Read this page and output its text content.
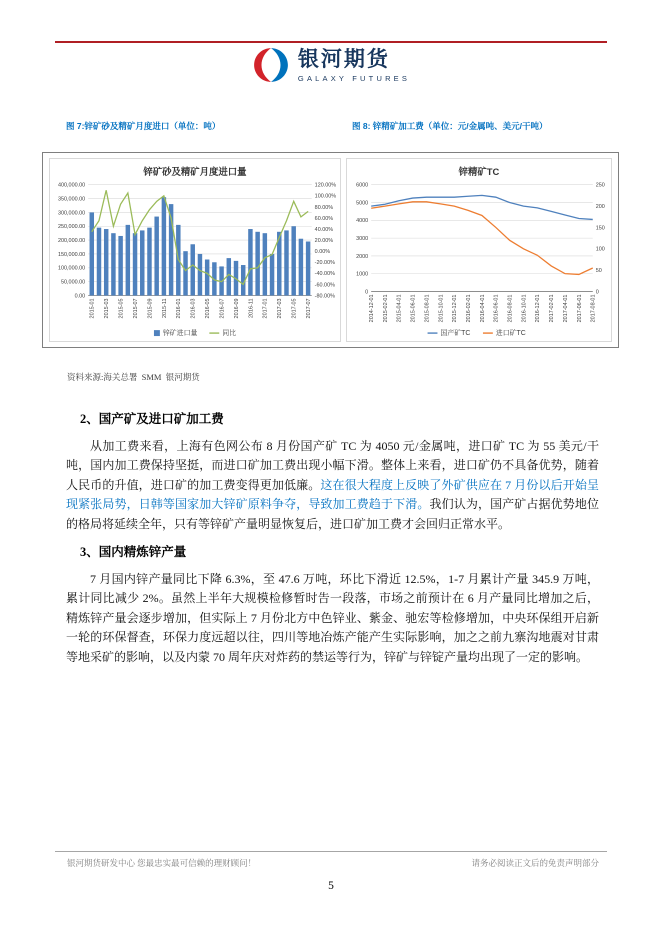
银河期货
GALAXY FUTURES
图 7:锌矿砂及精矿月度进口（单位：吨）	图 8: 锌精矿加工费（单位：元/金属吨、美元/干吨）
0.00
50,000.00
100,000.00
150,000.00
200,000.00
250,000.00
300,000.00
350,000.00
400,000.00
-80.00%
-60.00%
-40.00%
-20.00%
0.00%
20.00%
40.00%
60.00%
80.00%
100.00%
120.00%
2015-01 2015-03 2015-05 2015-07 2015-09 2015-11 2016-01 2016-03 2016-05 2016-07 2016-09 2016-11 2017-01 2017-03 2017-05 2017-07
锌矿砂及精矿月度进口量
锌矿进口量	同比
0
1000
2000
3000
4000
5000
6000
0
50
100
150
200
250
2014-12-01 2015-02-01 2015-04-01 2015-06-01 2015-08-01 2015-10-01 2015-12-01 2016-02-01 2016-04-01 2016-06-01 2016-08-01 2016-10-01 2016-12-01 2017-02-01 2017-04-01 2017-06-01 2017-08-01
锌精矿TC
国产矿TC	进口矿TC
资料来源:海关总署  SMM  银河期货
2、国产矿及进口矿加工费

从加工费来看，上海有色网公布 8 月份国产矿 TC 为 4050 元/金属吨，进口矿 TC 为 55 美元/干吨，国内加工费保持坚挺，而进口矿加工费出现小幅下滑。整体上来看，进口矿仍不具备优势，随着人民币的升值，进口矿的加工费变得更加低廉。这在很大程度上反映了外矿供应在 7 月份以后开始呈现紧张局势，日韩等国家加大锌矿原料争夺，导致加工费趋于下滑。我们认为，国产矿占据优势地位的格局将延续全年，只有等锌矿产量明显恢复后，进口矿加工费才会回归正常水平。

3、国内精炼锌产量

7 月国内锌产量同比下降 6.3%，至 47.6 万吨，环比下滑近 12.5%，1-7 月累计产量 345.9 万吨，累计同比减少 2%。虽然上半年大规模检修暂时告一段落，市场之前预计在 6 月产量同比增加之后，精炼锌产量会逐步增加，但实际上 7 月份北方中色锌业、紫金、驰宏等检修增加，中央环保组开启新一轮的环保督查，环保力度远超以往，四川等地冶炼产能产生实际影响，加之之前九寨沟地震对甘肃等地采矿的影响，以及内蒙 70 周年庆对炸药的禁运等行为，锌矿与锌锭产量均出现了一定的影响。

银河期货研发中心 您最忠实最可信赖的理财顾问！	请务必阅读正文后的免责声明部分
5
